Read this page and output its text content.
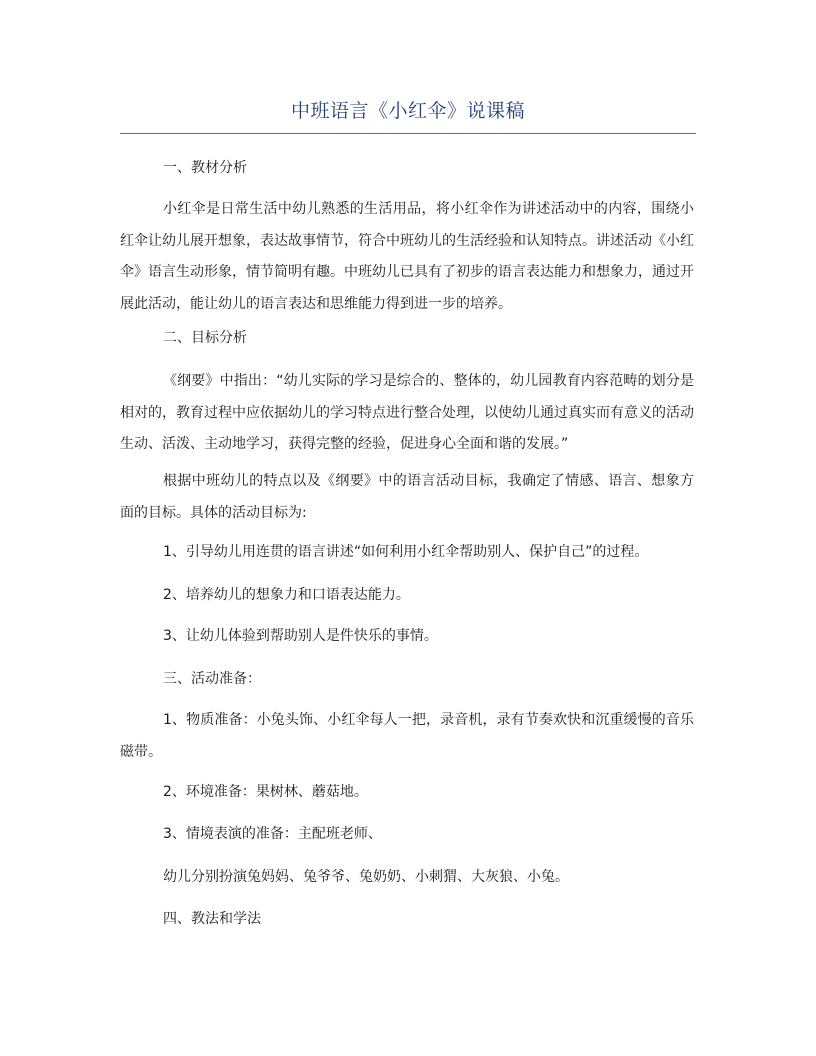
中班语言《小红伞》说课稿

一、教材分析

小红伞是日常生活中幼儿熟悉的生活用品，将小红伞作为讲述活动中的内容，围绕小红伞让幼儿展开想象，表达故事情节，符合中班幼儿的生活经验和认知特点。讲述活动《小红伞》语言生动形象，情节简明有趣。中班幼儿已具有了初步的语言表达能力和想象力，通过开展此活动，能让幼儿的语言表达和思维能力得到进一步的培养。

二、目标分析

《纲要》中指出：“幼儿实际的学习是综合的、整体的，幼儿园教育内容范畴的划分是相对的，教育过程中应依据幼儿的学习特点进行整合处理，以使幼儿通过真实而有意义的活动生动、活泼、主动地学习，获得完整的经验，促进身心全面和谐的发展。”

根据中班幼儿的特点以及《纲要》中的语言活动目标，我确定了情感、语言、想象方面的目标。具体的活动目标为:

1、引导幼儿用连贯的语言讲述“如何利用小红伞帮助别人、保护自己”的过程。

2、培养幼儿的想象力和口语表达能力。

3、让幼儿体验到帮助别人是件快乐的事情。

三、活动准备：

1、物质准备：小兔头饰、小红伞每人一把，录音机，录有节奏欢快和沉重缓慢的音乐磁带。

2、环境准备：果树林、蘑菇地。

3、情境表演的准备：主配班老师、

幼儿分别扮演兔妈妈、兔爷爷、兔奶奶、小刺猬、大灰狼、小兔。

四、教法和学法
